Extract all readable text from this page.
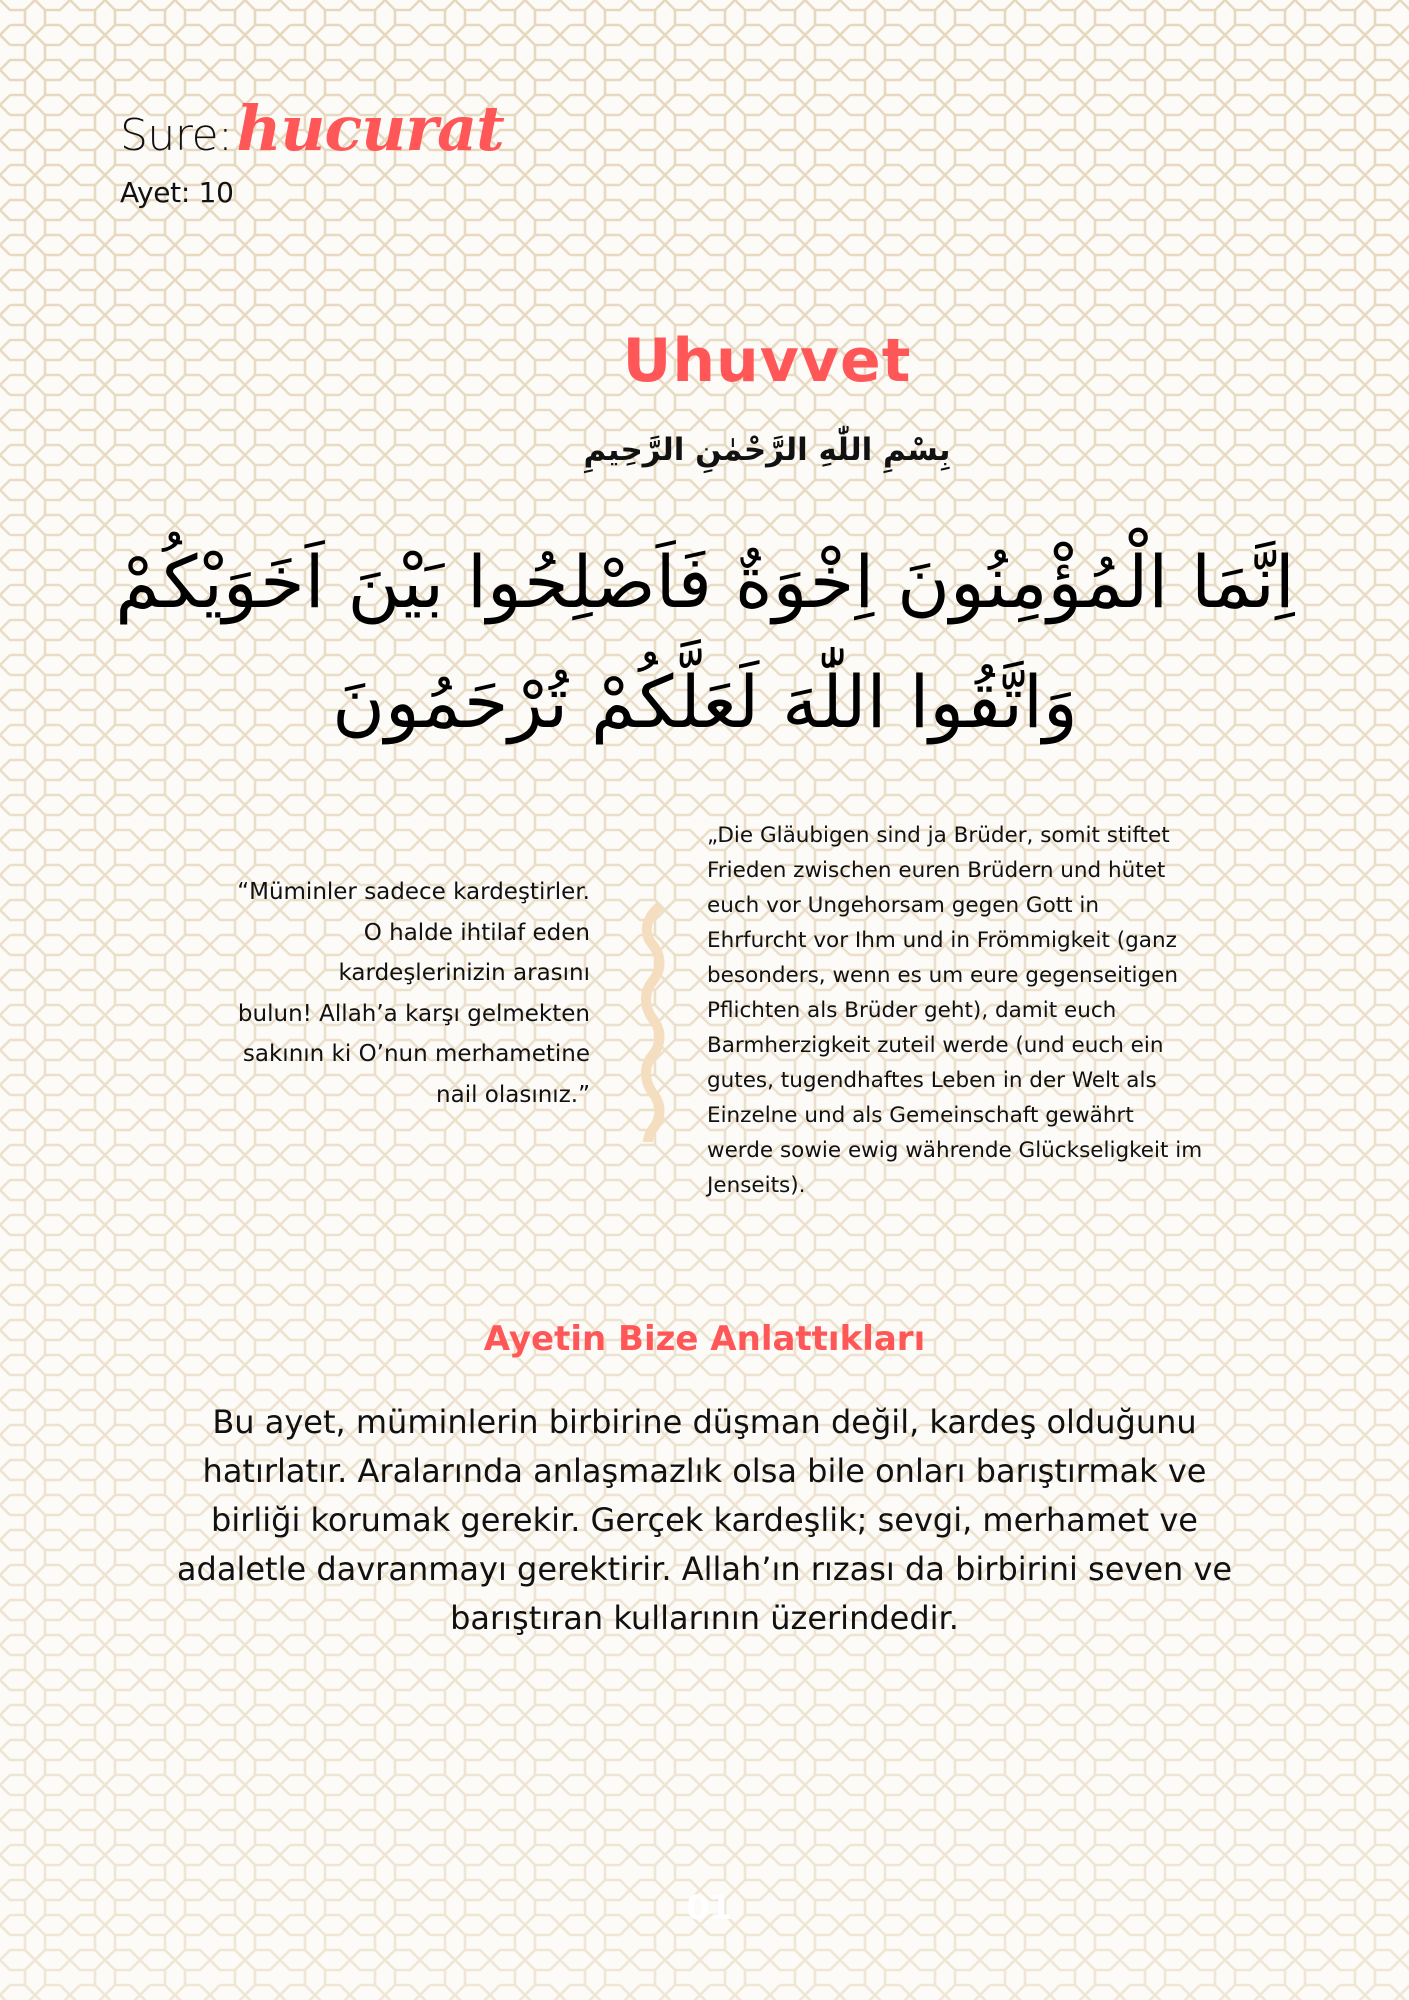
Sure:hucurat
Ayet: 10
Uhuvvet
بِسْمِ اللّٰهِ الرَّحْمٰنِ الرَّحِيمِ
اِنَّمَا الْمُؤْمِنُونَ اِخْوَةٌ فَاَصْلِحُوا بَيْنَ اَخَوَيْكُمْ
وَاتَّقُوا اللّٰهَ لَعَلَّكُمْ تُرْحَمُونَ
“Müminler sadece kardeştirler.
O halde ihtilaf eden
kardeşlerinizin arasını
bulun! Allah’a karşı gelmekten
sakının ki O’nun merhametine
nail olasınız.”
„Die Gläubigen sind ja Brüder, somit stiftet
Frieden zwischen euren Brüdern und hütet
euch vor Ungehorsam gegen Gott in
Ehrfurcht vor Ihm und in Frömmigkeit (ganz
besonders, wenn es um eure gegenseitigen
Pflichten als Brüder geht), damit euch
Barmherzigkeit zuteil werde (und euch ein
gutes, tugendhaftes Leben in der Welt als
Einzelne und als Gemeinschaft gewährt
werde sowie ewig währende Glückseligkeit im
Jenseits).
Ayetin Bize Anlattıkları
Bu ayet, müminlerin birbirine düşman değil, kardeş olduğunu
hatırlatır. Aralarında anlaşmazlık olsa bile onları barıştırmak ve
birliği korumak gerekir. Gerçek kardeşlik; sevgi, merhamet ve
adaletle davranmayı gerektirir. Allah’ın rızası da birbirini seven ve
barıştıran kullarının üzerindedir.
01
